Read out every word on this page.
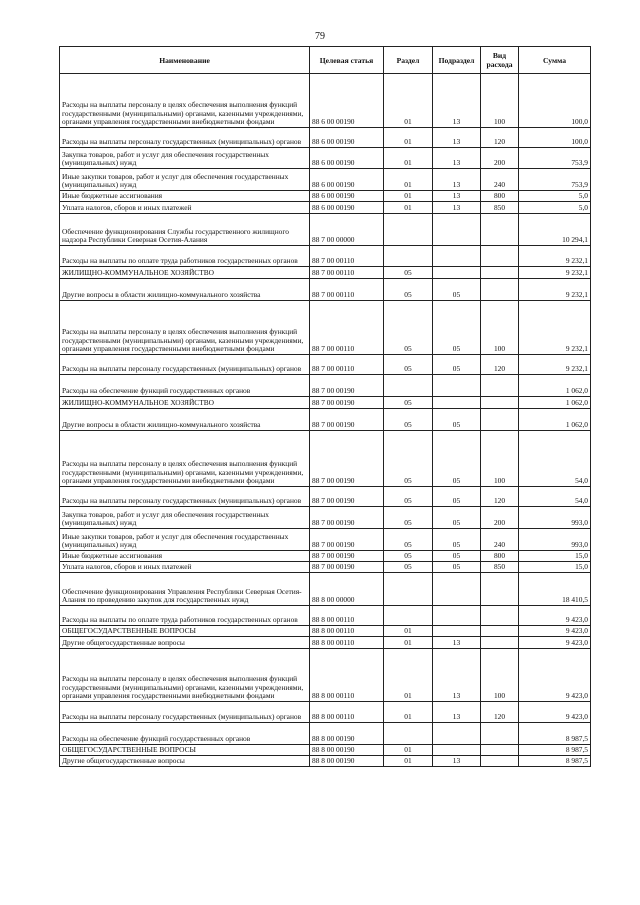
79
Наименование	Целевая статья	Раздел	Подраздел	Вид расхода	Сумма
Расходы на выплаты персоналу в целях обеспечения выполнения функций государственными (муниципальными) органами, казенными учреждениями, органами управления государственными внебюджетными фондами	88 6 00 00190	01	13	100	100,0
Расходы на выплаты персоналу государственных (муниципальных) органов	88 6 00 00190	01	13	120	100,0
Закупка товаров, работ и услуг для обеспечения государственных (муниципальных) нужд	88 6 00 00190	01	13	200	753,9
Иные закупки товаров, работ и услуг для обеспечения государственных (муниципальных) нужд	88 6 00 00190	01	13	240	753,9
Иные бюджетные ассигнования	88 6 00 00190	01	13	800	5,0
Уплата налогов, сборов и иных платежей	88 6 00 00190	01	13	850	5,0
Обеспечение функционирования Службы государственного жилищного надзора Республики Северная Осетия-Алания	88 7 00 00000				10 294,1
Расходы на выплаты по оплате труда работников государственных органов	88 7 00 00110				9 232,1
ЖИЛИЩНО-КОММУНАЛЬНОЕ ХОЗЯЙСТВО	88 7 00 00110	05			9 232,1
Другие вопросы в области жилищно-коммунального хозяйства	88 7 00 00110	05	05		9 232,1
Расходы на выплаты персоналу в целях обеспечения выполнения функций государственными (муниципальными) органами, казенными учреждениями, органами управления государственными внебюджетными фондами	88 7 00 00110	05	05	100	9 232,1
Расходы на выплаты персоналу государственных (муниципальных) органов	88 7 00 00110	05	05	120	9 232,1
Расходы на обеспечение функций государственных органов	88 7 00 00190				1 062,0
ЖИЛИЩНО-КОММУНАЛЬНОЕ ХОЗЯЙСТВО	88 7 00 00190	05			1 062,0
Другие вопросы в области жилищно-коммунального хозяйства	88 7 00 00190	05	05		1 062,0
Расходы на выплаты персоналу в целях обеспечения выполнения функций государственными (муниципальными) органами, казенными учреждениями, органами управления государственными внебюджетными фондами	88 7 00 00190	05	05	100	54,0
Расходы на выплаты персоналу государственных (муниципальных) органов	88 7 00 00190	05	05	120	54,0
Закупка товаров, работ и услуг для обеспечения государственных (муниципальных) нужд	88 7 00 00190	05	05	200	993,0
Иные закупки товаров, работ и услуг для обеспечения государственных (муниципальных) нужд	88 7 00 00190	05	05	240	993,0
Иные бюджетные ассигнования	88 7 00 00190	05	05	800	15,0
Уплата налогов, сборов и иных платежей	88 7 00 00190	05	05	850	15,0
Обеспечение функционирования Управления Республики Северная Осетия-Алания по проведению закупок для государственных нужд	88 8 00 00000				18 410,5
Расходы на выплаты по оплате труда работников государственных органов	88 8 00 00110				9 423,0
ОБЩЕГОСУДАРСТВЕННЫЕ ВОПРОСЫ	88 8 00 00110	01			9 423,0
Другие общегосударственные вопросы	88 8 00 00110	01	13		9 423,0
Расходы на выплаты персоналу в целях обеспечения выполнения функций государственными (муниципальными) органами, казенными учреждениями, органами управления государственными внебюджетными фондами	88 8 00 00110	01	13	100	9 423,0
Расходы на выплаты персоналу государственных (муниципальных) органов	88 8 00 00110	01	13	120	9 423,0
Расходы на обеспечение функций государственных органов	88 8 00 00190				8 987,5
ОБЩЕГОСУДАРСТВЕННЫЕ ВОПРОСЫ	88 8 00 00190	01			8 987,5
Другие общегосударственные вопросы	88 8 00 00190	01	13		8 987,5
